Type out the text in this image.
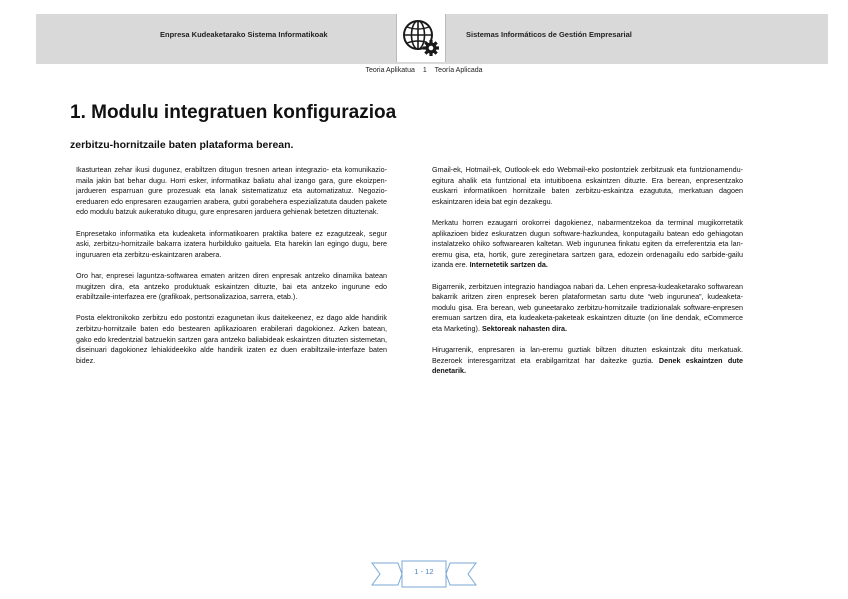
Enpresa Kudeaketarako Sistema Informatikoak	Sistemas Informáticos de Gestión Empresarial
Teoria Aplikatua 1 Teoría Aplicada
1. Modulu integratuen konfigurazioa
zerbitzu-hornitzaile baten plataforma berean.

Ikasturtean zehar ikusi dugunez, erabiltzen ditugun tresnen artean integrazio- eta komunikazio-maila jakin bat behar dugu. Horri esker, informatikaz baliatu ahal izango gara, gure ekoizpen-jardueren esparruan gure prozesuak eta lanak sistematizatuz eta automatizatuz. Negozio-ereduaren edo enpresaren ezaugarrien arabera, gutxi gorabehera espezializatuta dauden pakete edo modulu batzuk aukeratuko ditugu, gure enpresaren jarduera gehienak betetzen dituztenak.

Enpresetako informatika eta kudeaketa informatikoaren praktika batere ez ezagutzeak, segur aski, zerbitzu-hornitzaile bakarra izatera hurbilduko gaituela. Eta harekin lan egingo dugu, bere inguruaren eta zerbitzu-eskaintzaren arabera.

Oro har, enpresei laguntza-softwarea ematen aritzen diren enpresak antzeko dinamika batean mugitzen dira, eta antzeko produktuak eskaintzen dituzte, bai eta antzeko ingurune edo erabiltzaile-interfazea ere (grafikoak, pertsonalizazioa, sarrera, etab.).

Posta elektronikoko zerbitzu edo postontzi ezagunetan ikus daitekeenez, ez dago alde handirik zerbitzu-hornitzaile baten edo bestearen aplikazioaren erabilerari dagokionez. Azken batean, gako edo kredentzial batzuekin sartzen gara antzeko baliabideak eskaintzen dituzten sistemetan, diseinuari dagokionez lehiakideekiko alde handirik izaten ez duen erabiltzaile-interfaze baten bidez.

Gmail-ek, Hotmail-ek, Outlook-ek edo Webmail-eko postontziek zerbitzuak eta funtzionamendu-egitura ahalik eta funtzional eta intuitiboena eskaintzen dituzte. Era berean, enpresentzako euskarri informatikoen hornitzaile baten zerbitzu-eskaintza ezagututa, merkatuan dagoen eskaintzaren ideia bat egin dezakegu.

Merkatu horren ezaugarri orokorrei dagokienez, nabarmentzekoa da terminal mugikorretatik aplikazioen bidez eskuratzen dugun software-hazkundea, konputagailu batean edo gehiagotan instalatzeko ohiko softwarearen kaltetan. Web ingurunea finkatu egiten da erreferentzia eta lan-eremu gisa, eta, hortik, gure zereginetara sartzen gara, edozein ordenagailu edo sarbide-gailu izanda ere. Internetetik sartzen da.

Bigarrenik, zerbitzuen integrazio handiagoa nabari da. Lehen enpresa-kudeaketarako softwarean bakarrik aritzen ziren enpresek beren plataformetan sartu dute “web ingurunea”, kudeaketa-modulu gisa. Era berean, web guneetarako zerbitzu-hornitzaile tradizionalak software-enpresen eremuan sartzen dira, eta kudeaketa-paketeak eskaintzen dituzte (on line dendak, eCommerce eta Marketing). Sektoreak nahasten dira.

Hirugarrenik, enpresaren ia lan-eremu guztiak biltzen dituzten eskaintzak ditu merkatuak. Bezeroek interesgarritzat eta erabilgarritzat har daitezke guztia. Denek eskaintzen dute denetarik.

1 - 12
